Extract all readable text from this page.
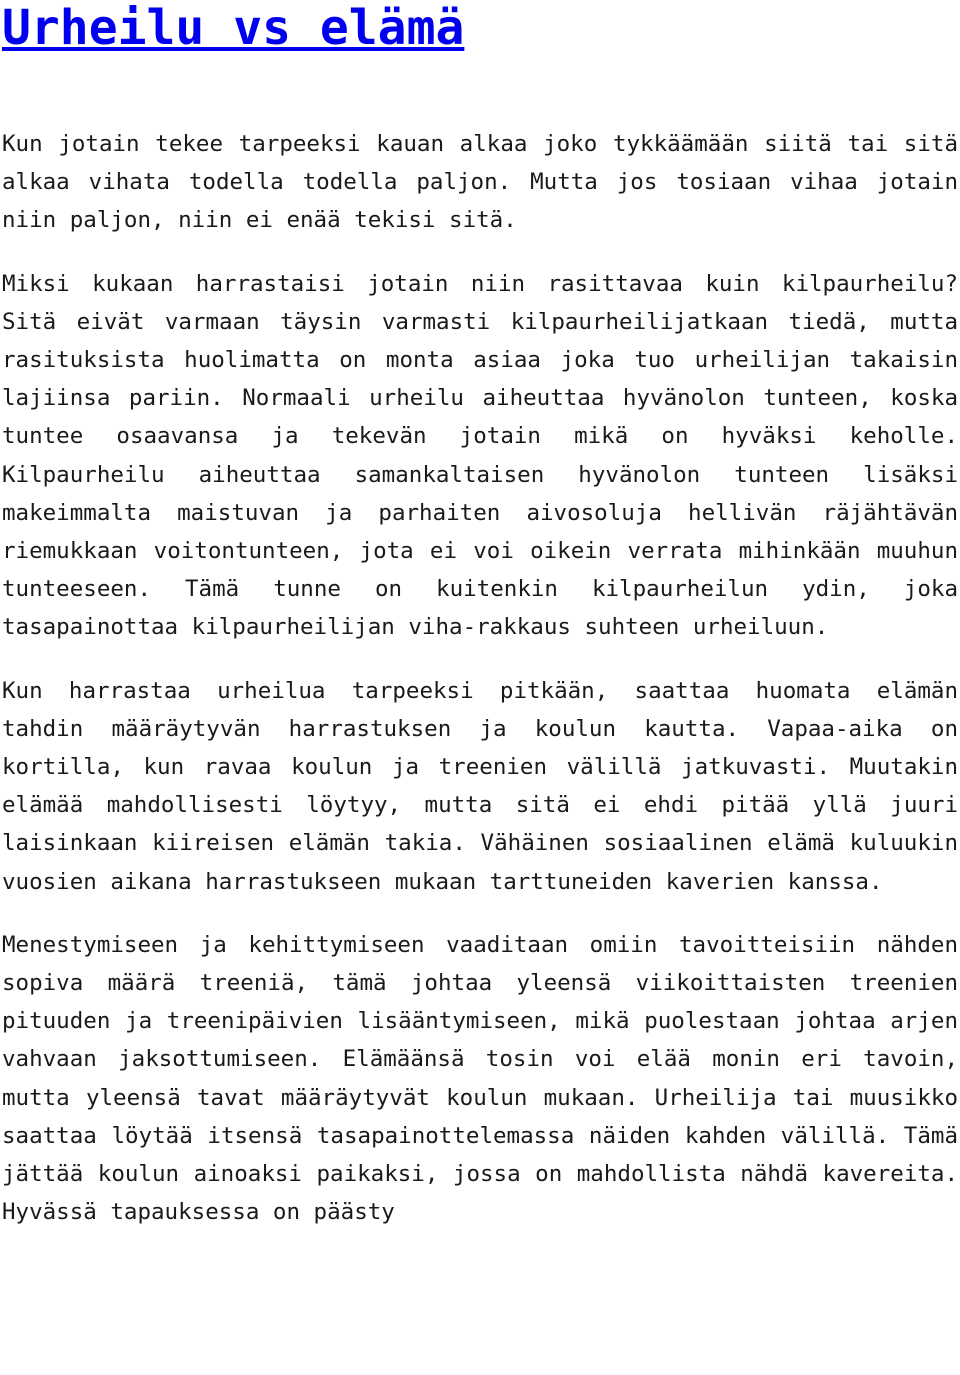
Urheilu vs elämä

Kun jotain tekee tarpeeksi kauan alkaa joko tykkäämään siitä tai sitä alkaa vihata todella todella paljon. Mutta jos tosiaan vihaa jotain niin paljon, niin ei enää tekisi sitä.

Miksi kukaan harrastaisi jotain niin rasittavaa kuin kilpaurheilu? Sitä eivät varmaan täysin varmasti kilpaurheilijatkaan tiedä, mutta rasituksista huolimatta on monta asiaa joka tuo urheilijan takaisin lajiinsa pariin. Normaali urheilu aiheuttaa hyvänolon tunteen, koska tuntee osaavansa ja tekevän jotain mikä on hyväksi keholle. Kilpaurheilu aiheuttaa samankaltaisen hyvänolon tunteen lisäksi makeimmalta maistuvan ja parhaiten aivosoluja hellivän räjähtävän riemukkaan voitontunteen, jota ei voi oikein verrata mihinkään muuhun tunteeseen. Tämä tunne on kuitenkin kilpaurheilun ydin, joka tasapainottaa kilpaurheilijan viha-rakkaus suhteen urheiluun.

Kun harrastaa urheilua tarpeeksi pitkään, saattaa huomata elämän tahdin määräytyvän harrastuksen ja koulun kautta. Vapaa-aika on kortilla, kun ravaa koulun ja treenien välillä jatkuvasti. Muutakin elämää mahdollisesti löytyy, mutta sitä ei ehdi pitää yllä juuri laisinkaan kiireisen elämän takia. Vähäinen sosiaalinen elämä kuluukin vuosien aikana harrastukseen mukaan tarttuneiden kaverien kanssa.

Menestymiseen ja kehittymiseen vaaditaan omiin tavoitteisiin nähden sopiva määrä treeniä, tämä johtaa yleensä viikoittaisten treenien pituuden ja treenipäivien lisääntymiseen, mikä puolestaan johtaa arjen vahvaan jaksottumiseen. Elämäänsä tosin voi elää monin eri tavoin, mutta yleensä tavat määräytyvät koulun mukaan. Urheilija tai muusikko saattaa löytää itsensä tasapainottelemassa näiden kahden välillä. Tämä jättää koulun ainoaksi paikaksi, jossa on mahdollista nähdä kavereita. Hyvässä tapauksessa on päästy
